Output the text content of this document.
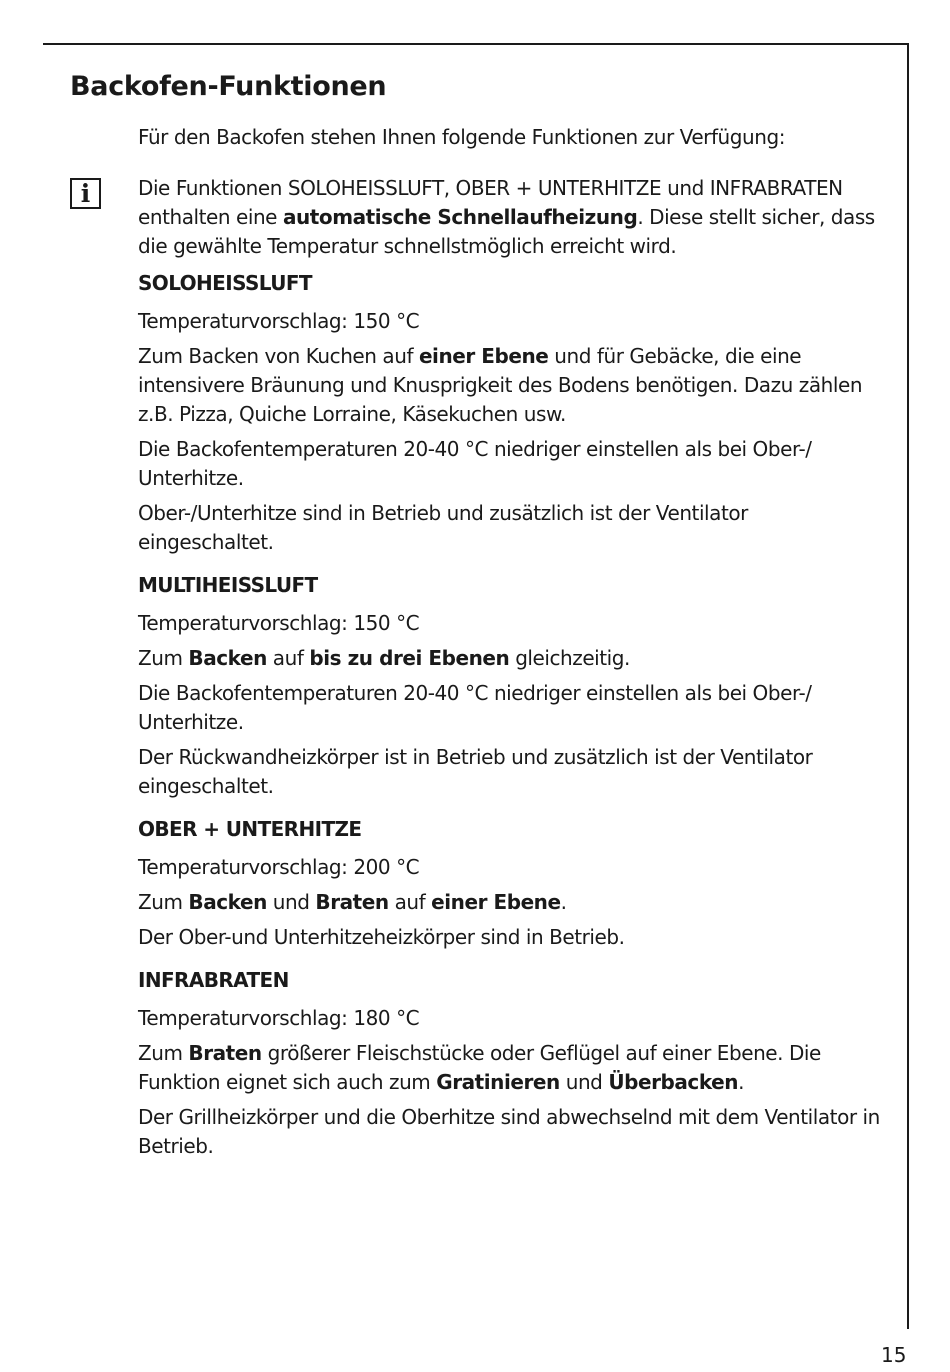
Backofen-Funktionen
i

Für den Backofen stehen Ihnen folgende Funktionen zur Verfügung:

Die Funktionen SOLOHEISSLUFT, OBER + UNTERHITZE und INFRABRATEN enthalten eine automatische Schnellaufheizung. Diese stellt sicher, dass die gewählte Temperatur schnellstmöglich erreicht wird.

SOLOHEISSLUFT

Temperaturvorschlag: 150 °C

Zum Backen von Kuchen auf einer Ebene und für Gebäcke, die eine intensivere Bräunung und Knusprigkeit des Bodens benötigen. Dazu zählen z.B. Pizza, Quiche Lorraine, Käsekuchen usw.

Die Backofentemperaturen 20-40 °C niedriger einstellen als bei Ober-/ Unterhitze.

Ober-/Unterhitze sind in Betrieb und zusätzlich ist der Ventilator eingeschaltet.

MULTIHEISSLUFT

Temperaturvorschlag: 150 °C

Zum Backen auf bis zu drei Ebenen gleichzeitig.

Die Backofentemperaturen 20-40 °C niedriger einstellen als bei Ober-/ Unterhitze.

Der Rückwandheizkörper ist in Betrieb und zusätzlich ist der Ventilator eingeschaltet.

OBER + UNTERHITZE

Temperaturvorschlag: 200 °C

Zum Backen und Braten auf einer Ebene.

Der Ober-und Unterhitzeheizkörper sind in Betrieb.

INFRABRATEN

Temperaturvorschlag: 180 °C

Zum Braten größerer Fleischstücke oder Geflügel auf einer Ebene. Die Funktion eignet sich auch zum Gratinieren und Überbacken.

Der Grillheizkörper und die Oberhitze sind abwechselnd mit dem Ventilator in Betrieb.

15
